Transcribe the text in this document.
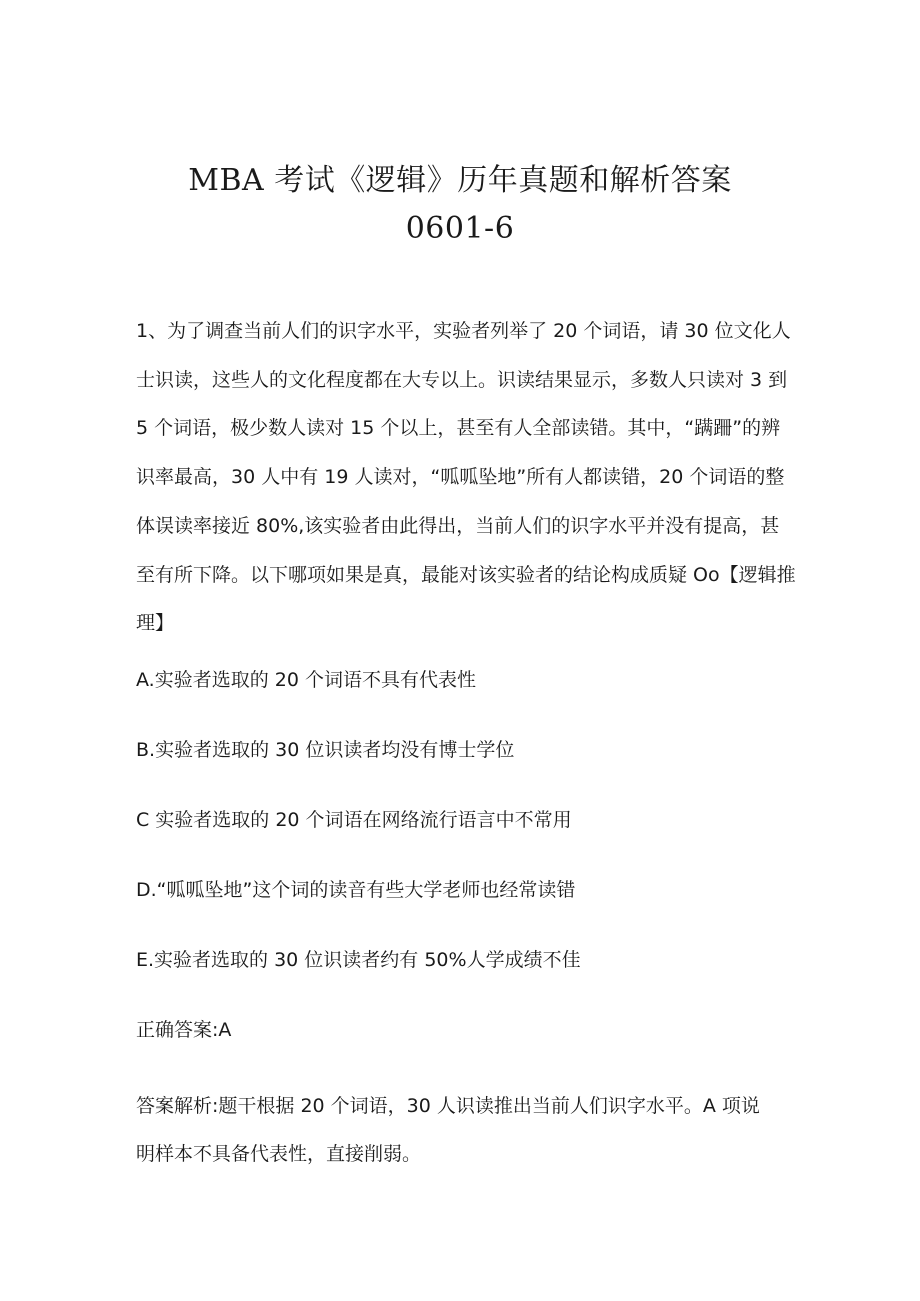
MBA 考试《逻辑》历年真题和解析答案
0601-6

1、为了调查当前人们的识字水平，实验者列举了 20 个词语，请 30 位文化人士识读，这些人的文化程度都在大专以上。识读结果显示，多数人只读对 3 到 5 个词语，极少数人读对 15 个以上，甚至有人全部读错。其中，“蹒跚”的辨识率最高，30 人中有 19 人读对，“呱呱坠地”所有人都读错，20 个词语的整体误读率接近 80%,该实验者由此得出，当前人们的识字水平并没有提高，甚至有所下降。以下哪项如果是真，最能对该实验者的结论构成质疑 Oo【逻辑推理】

A.实验者选取的 20 个词语不具有代表性

B.实验者选取的 30 位识读者均没有博士学位

C 实验者选取的 20 个词语在网络流行语言中不常用

D.“呱呱坠地”这个词的读音有些大学老师也经常读错

E.实验者选取的 30 位识读者约有 50%人学成绩不佳

正确答案:A

答案解析:题干根据 20 个词语，30 人识读推出当前人们识字水平。A 项说明样本不具备代表性，直接削弱。
